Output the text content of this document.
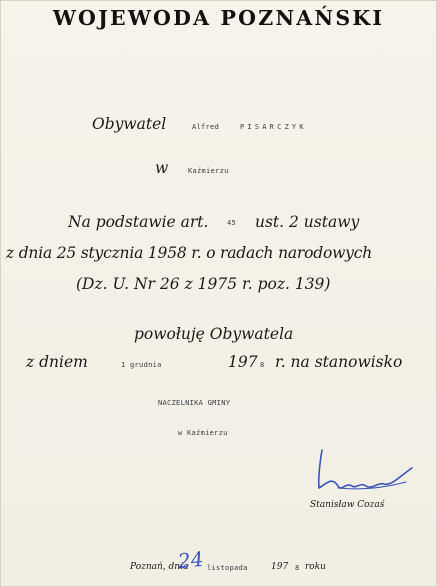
WOJEWODA POZNAŃSKI
Obywatel	Alfred	PISARCZYK
w	Kaźmierzu
Na podstawie art.	45 ust. 2 ustawy
z dnia 25 stycznia 1958 r. o radach narodowych
(Dz. U. Nr 26 z 1975 r. poz. 139)
powołuję Obywatela
z dniem	1 grudnia	197 8 r. na stanowisko
NACZELNIKA GMINY
w Kaźmierzu
Stanisław Cozaś
Poznań, dnia
24 listopada	197 8 roku
